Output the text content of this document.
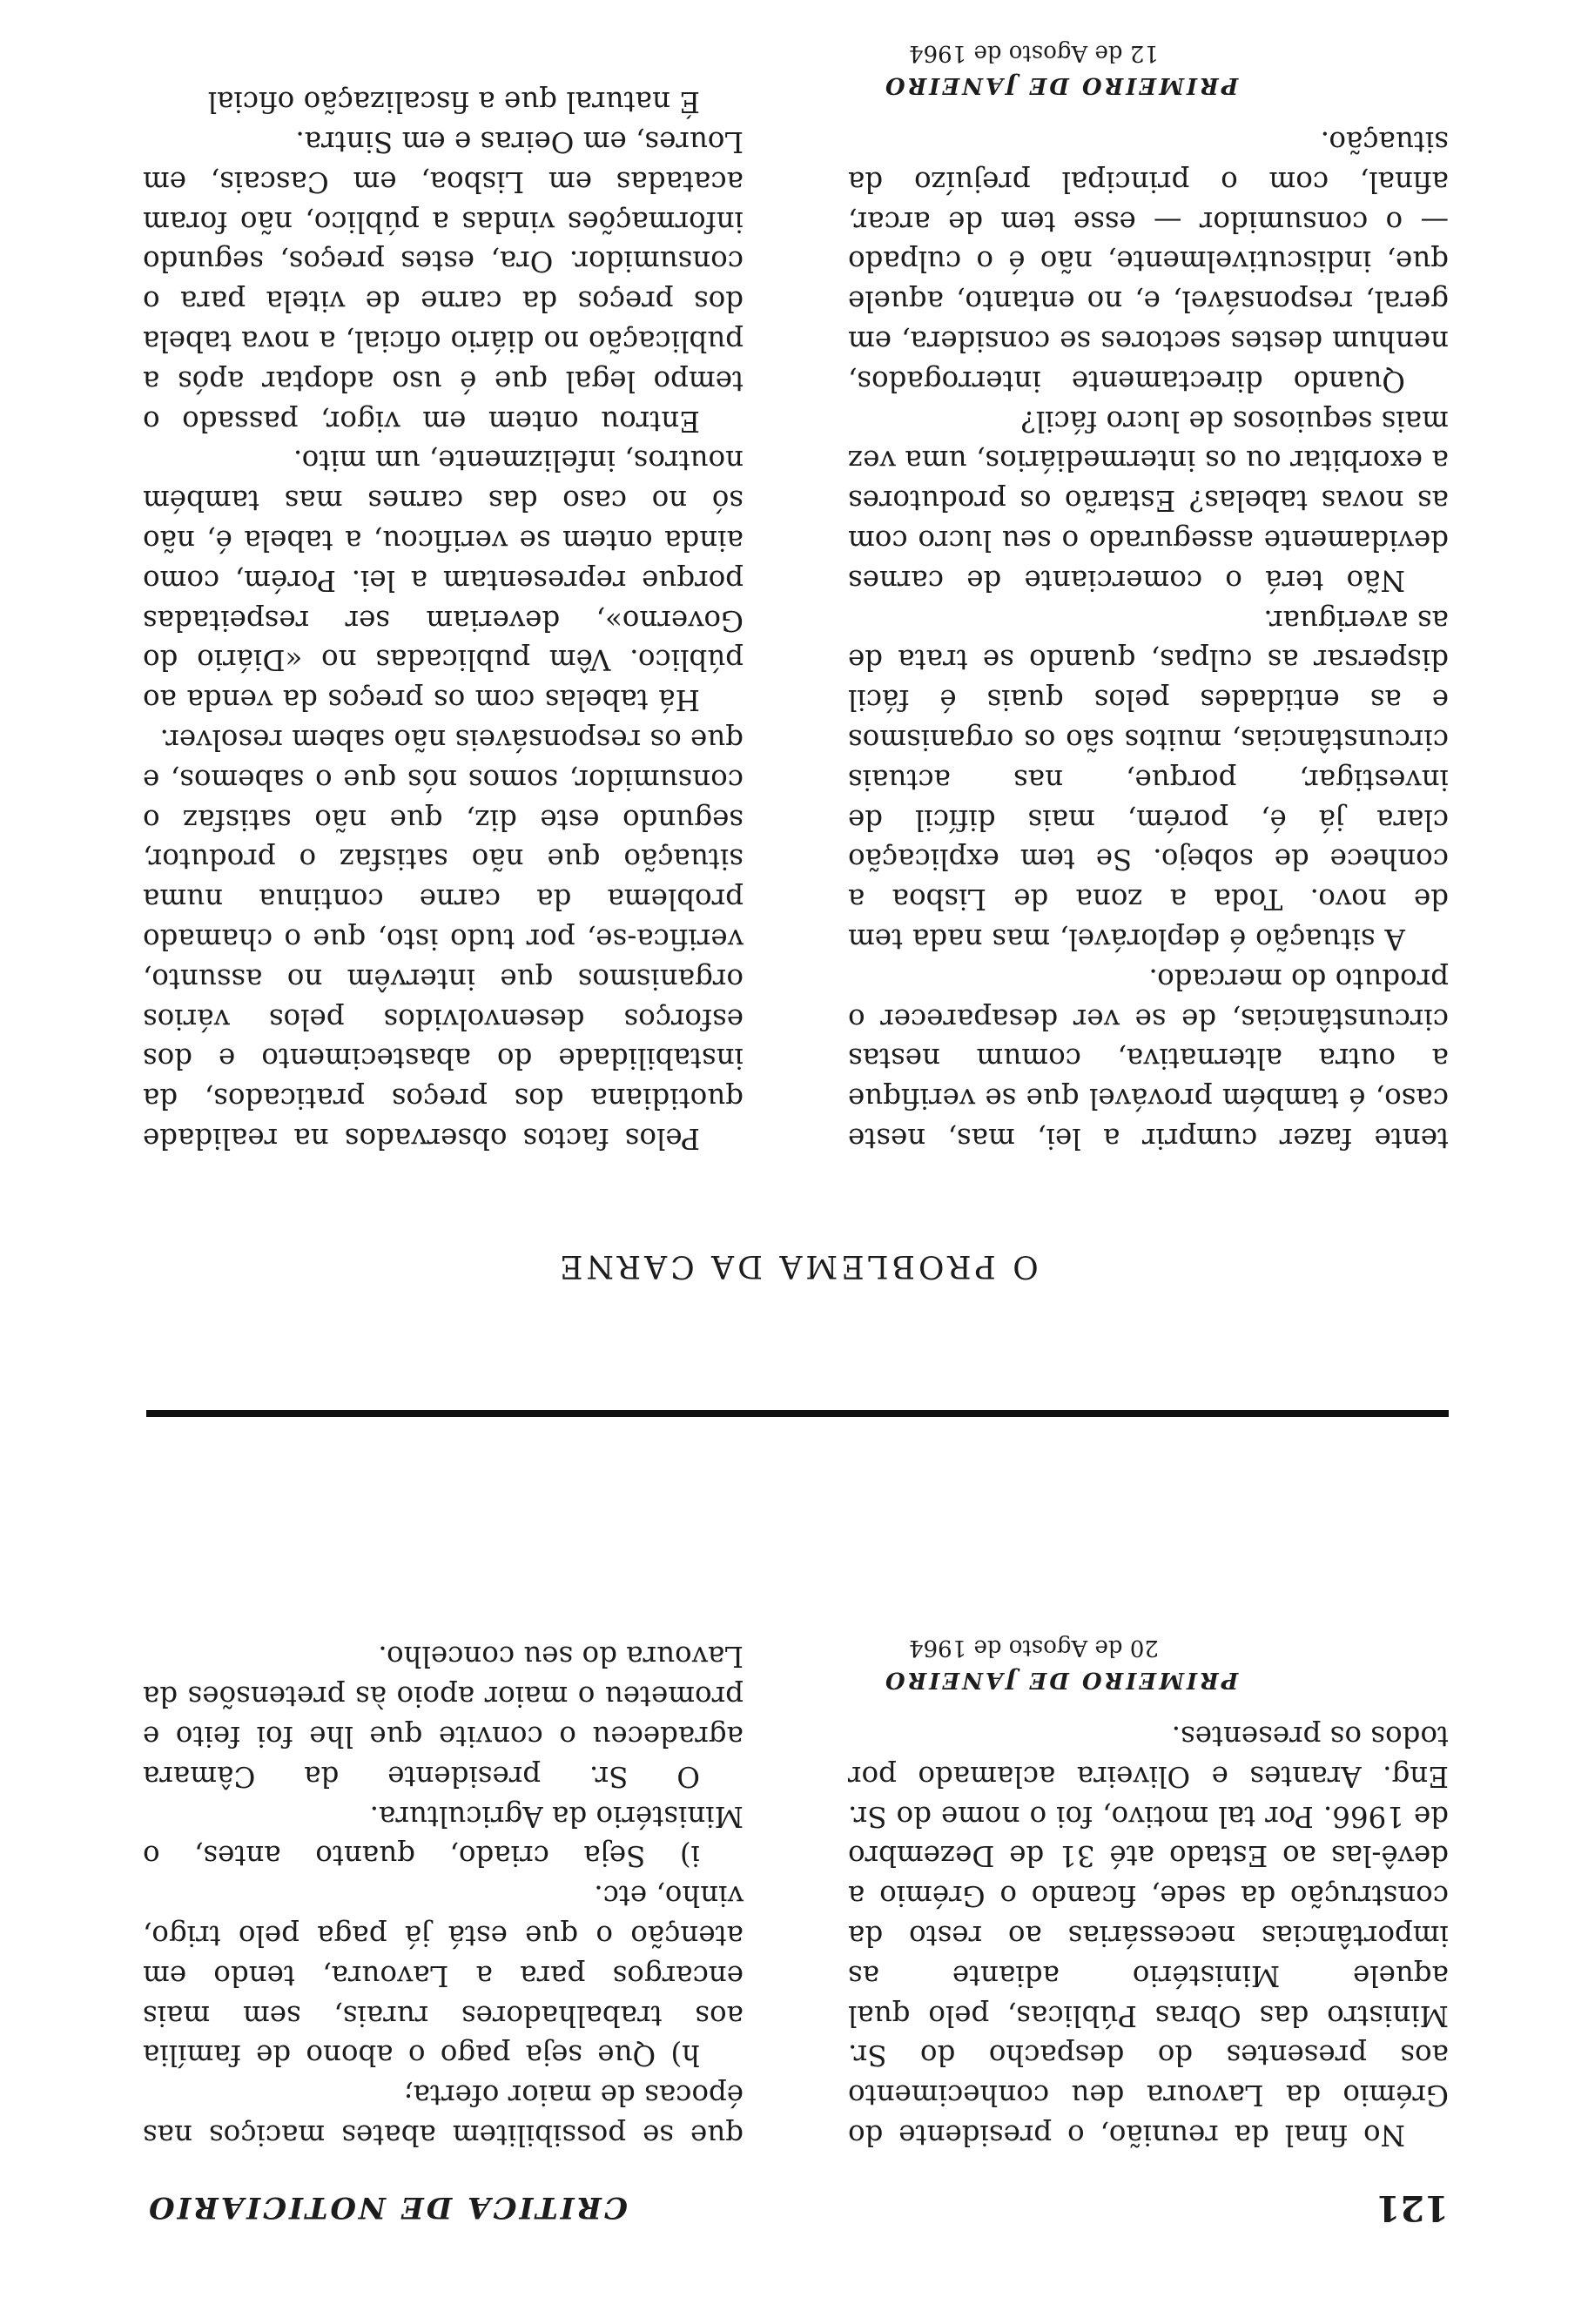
121
CRITICA DE NOTICIARIO

No final da reunião, o presidente do Grémio da Lavoura deu conhecimento aos presentes do despacho do Sr. Ministro das Obras Públicas, pelo qual aquele Ministério adiante as importâncias necessárias ao resto da construção da sede, ficando o Grémio a devê-las ao Estado até 31 de Dezembro de 1966. Por tal motivo, foi o nome do Sr. Eng. Arantes e Oliveira aclamado por todos os presentes.

PRIMEIRO DE JANEIRO
20 de Agosto de 1964

que se possibilitem abates maciços nas épocas de maior oferta;

h) Que seja pago o abono de família aos trabalhadores rurais, sem mais encargos para a Lavoura, tendo em atenção o que está já paga pelo trigo, vinho, etc.

i) Seja criado, quanto antes, o Ministério da Agricultura.

O Sr. presidente da Câmara agradeceu o convite que lhe foi feito e prometeu o maior apoio às pretensões da Lavoura do seu concelho.

O PROBLEMA DA CARNE

tente fazer cumprir a lei, mas, neste caso, é também provável que se verifique a outra alternativa, comum nestas circunstâncias, de se ver desaparecer o produto do mercado.

A situação é deplorável, mas nada tem de novo. Toda a zona de Lisboa a conhece de sobejo. Se tem explicação clara já é, porém, mais difícil de investigar, porque, nas actuais circunstâncias, muitos são os organismos e as entidades pelos quais é fácil dispersar as culpas, quando se trata de as averiguar.

Não terá o comerciante de carnes devidamente assegurado o seu lucro com as novas tabelas? Estarão os produtores a exorbitar ou os intermediários, uma vez mais sequiosos de lucro fácil?

Quando directamente interrogados, nenhum destes sectores se considera, em geral, responsável, e, no entanto, aquele que, indiscutivelmente, não é o culpado — o consumidor — esse tem de arcar, afinal, com o principal prejuízo da situação.

PRIMEIRO DE JANEIRO
12 de Agosto de 1964

Pelos factos observados na realidade quotidiana dos preços praticados, da instabilidade do abastecimento e dos esforços desenvolvidos pelos vários organismos que intervêm no assunto, verifica-se, por tudo isto, que o chamado problema da carne continua numa situação que não satisfaz o produtor, segundo este diz, que não satisfaz o consumidor, somos nós que o sabemos, e que os responsáveis não sabem resolver.

Há tabelas com os preços da venda ao público. Vêm publicadas no «Diário do Governo», deveriam ser respeitadas porque representam a lei. Porém, como ainda ontem se verificou, a tabela é, não só no caso das carnes mas também noutros, infelizmente, um mito.

Entrou ontem em vigor, passado o tempo legal que é uso adoptar após a publicação no diário oficial, a nova tabela dos preços da carne de vitela para o consumidor. Ora, estes preços, segundo informações vindas a público, não foram acatadas em Lisboa, em Cascais, em Loures, em Oeiras e em Sintra.

É natural que a fiscalização oficial
